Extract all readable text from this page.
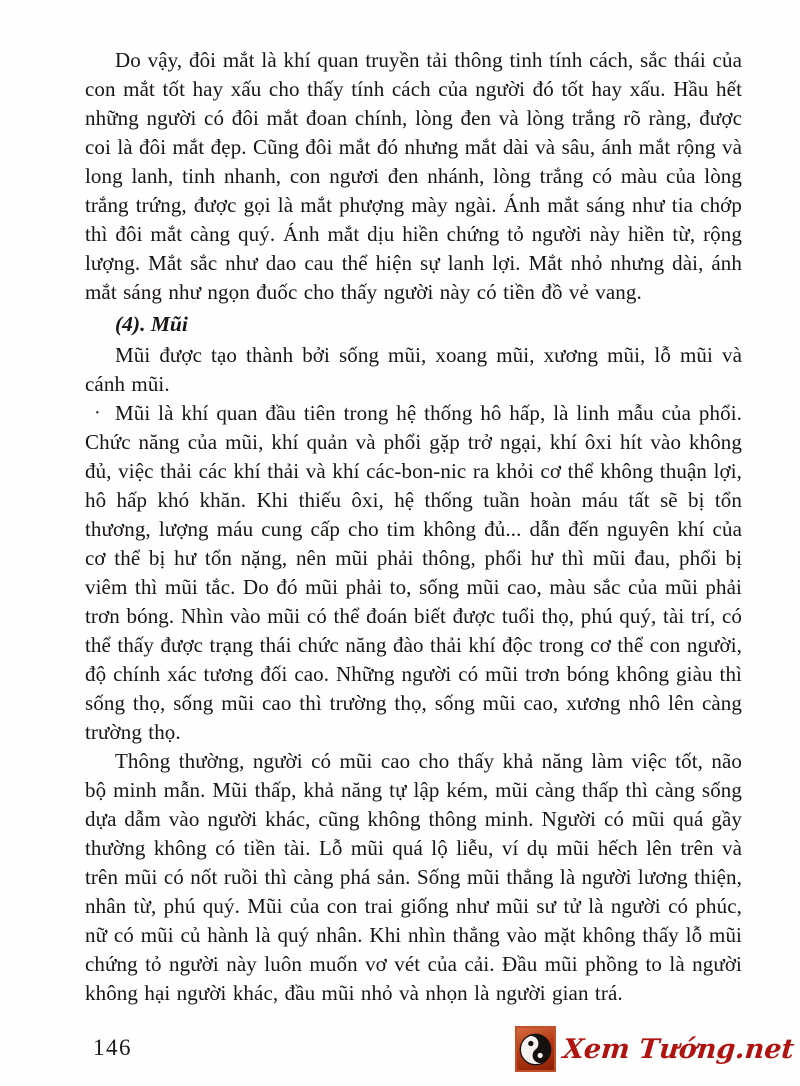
Do vậy, đôi mắt là khí quan truyền tải thông tinh tính cách, sắc thái của con mắt tốt hay xấu cho thấy tính cách của người đó tốt hay xấu. Hầu hết những người có đôi mắt đoan chính, lòng đen và lòng trắng rõ ràng, được coi là đôi mắt đẹp. Cũng đôi mắt đó nhưng mắt dài và sâu, ánh mắt rộng và long lanh, tinh nhanh, con ngươi đen nhánh, lòng trắng có màu của lòng trắng trứng, được gọi là mắt phượng mày ngài. Ánh mắt sáng như tia chớp thì đôi mắt càng quý. Ánh mắt dịu hiền chứng tỏ người này hiền từ, rộng lượng. Mắt sắc như dao cau thể hiện sự lanh lợi. Mắt nhỏ nhưng dài, ánh mắt sáng như ngọn đuốc cho thấy người này có tiền đồ vẻ vang.

(4). Mũi

Mũi được tạo thành bởi sống mũi, xoang mũi, xương mũi, lỗ mũi và cánh mũi.

· Mũi là khí quan đầu tiên trong hệ thống hô hấp, là linh mẫu của phổi. Chức năng của mũi, khí quản và phổi gặp trở ngại, khí ôxi hít vào không đủ, việc thải các khí thải và khí các-bon-nic ra khỏi cơ thể không thuận lợi, hô hấp khó khăn. Khi thiếu ôxi, hệ thống tuần hoàn máu tất sẽ bị tổn thương, lượng máu cung cấp cho tim không đủ... dẫn đến nguyên khí của cơ thể bị hư tổn nặng, nên mũi phải thông, phổi hư thì mũi đau, phổi bị viêm thì mũi tắc. Do đó mũi phải to, sống mũi cao, màu sắc của mũi phải trơn bóng. Nhìn vào mũi có thể đoán biết được tuổi thọ, phú quý, tài trí, có thể thấy được trạng thái chức năng đào thải khí độc trong cơ thể con người, độ chính xác tương đối cao. Những người có mũi trơn bóng không giàu thì sống thọ, sống mũi cao thì trường thọ, sống mũi cao, xương nhô lên càng trường thọ.

Thông thường, người có mũi cao cho thấy khả năng làm việc tốt, não bộ minh mẫn. Mũi thấp, khả năng tự lập kém, mũi càng thấp thì càng sống dựa dẫm vào người khác, cũng không thông minh. Người có mũi quá gầy thường không có tiền tài. Lỗ mũi quá lộ liễu, ví dụ mũi hếch lên trên và trên mũi có nốt ruồi thì càng phá sản. Sống mũi thẳng là người lương thiện, nhân từ, phú quý. Mũi của con trai giống như mũi sư tử là người có phúc, nữ có mũi củ hành là quý nhân. Khi nhìn thẳng vào mặt không thấy lỗ mũi chứng tỏ người này luôn muốn vơ vét của cải. Đầu mũi phồng to là người không hại người khác, đầu mũi nhỏ và nhọn là người gian trá.

146	Xem Tướng.net
